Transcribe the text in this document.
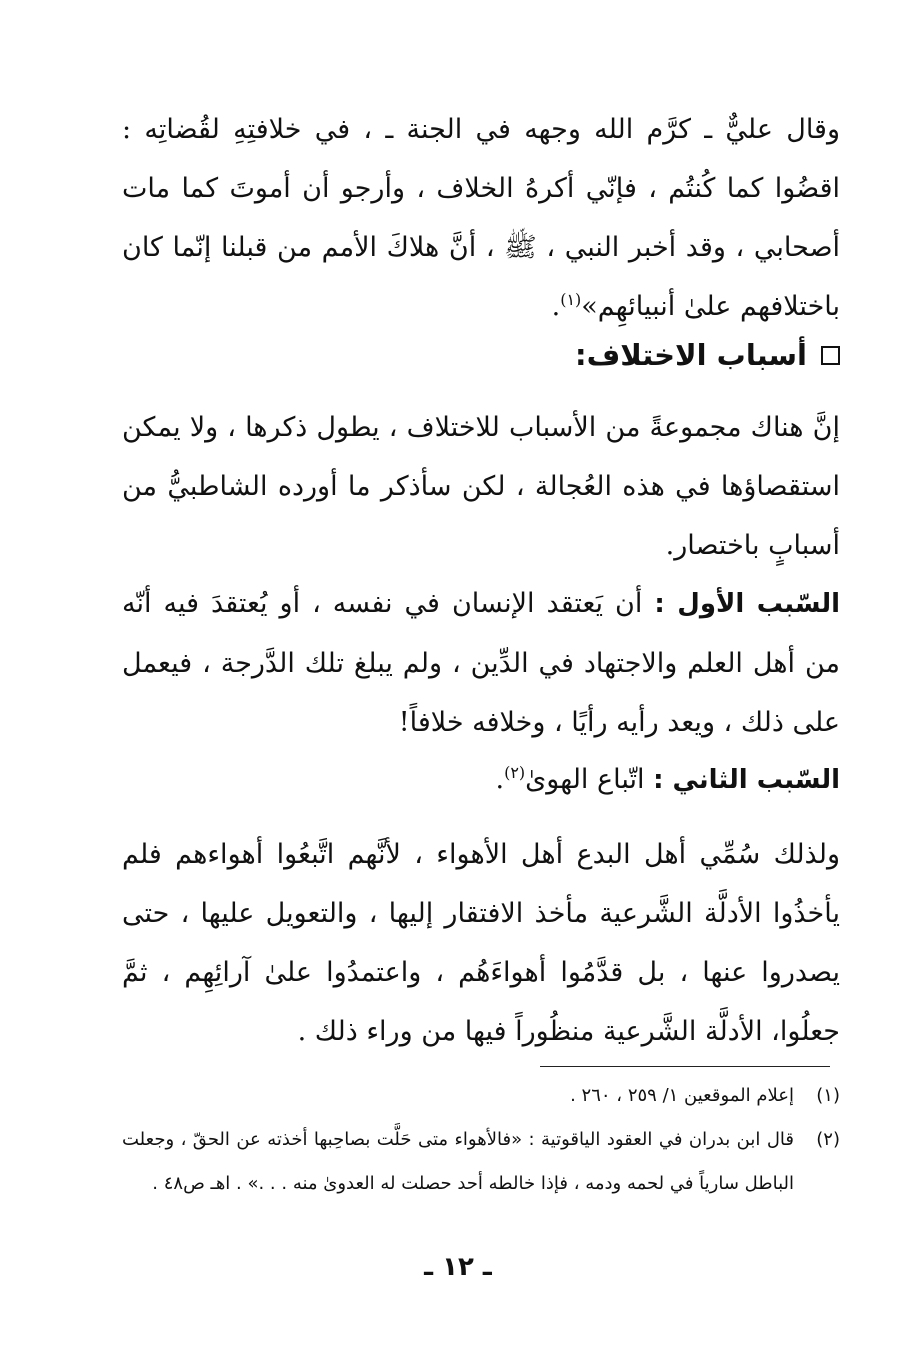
وقال عليٌّ ـ كرَّم الله وجهه في الجنة ـ ، في خلافتِهِ لقُضاتِه : اقضُوا كما كُنتُم ، فإنّي أكرهُ الخلاف ، وأرجو أن أموتَ كما مات أصحابي ، وقد أخبر النبي ، ﷺ ، أنَّ هلاكَ الأمم من قبلنا إنّما كان باختلافهم علىٰ أنبيائهِم»$^{(١)}$.

أسباب الاختلاف:

إنَّ هناك مجموعةً من الأسباب للاختلاف ، يطول ذكرها ، ولا يمكن استقصاؤها في هذه العُجالة ، لكن سأذكر ما أورده الشاطبيُّ من أسبابٍ باختصار.

السّبب الأول : أن يَعتقد الإنسان في نفسه ، أو يُعتقدَ فيه أنّه من أهل العلم والاجتهاد في الدِّين ، ولم يبلغ تلك الدَّرجة ، فيعمل على ذلك ، ويعد رأيه رأيًا ، وخلافه خلافاً!

السّبب الثاني : اتّباع الهوىٰ$^{(٢)}$.

ولذلك سُمِّي أهل البدع أهل الأهواء ، لأنَّهم اتَّبعُوا أهواءهم فلم يأخذُوا الأدلَّة الشَّرعية مأخذ الافتقار إليها ، والتعويل عليها ، حتى يصدروا عنها ، بل قدَّمُوا أهواءَهُم ، واعتمدُوا علىٰ آرائِهِم ، ثمَّ جعلُوا، الأدلَّة الشَّرعية منظُوراً فيها من وراء ذلك .

(١)
إعلام الموقعين ١/ ٢٥٩ ، ٢٦٠ .
(٢)
قال ابن بدران في العقود الياقوتية : «فالأهواء متى حَلَّت بصاحِبها أخذته عن الحقّ ، وجعلت الباطل سارياً في لحمه ودمه ، فإذا خالطه أحد حصلت له العدوىٰ منه . . .» . اهـ ص٤٨ .
ـ ١٢ ـ
